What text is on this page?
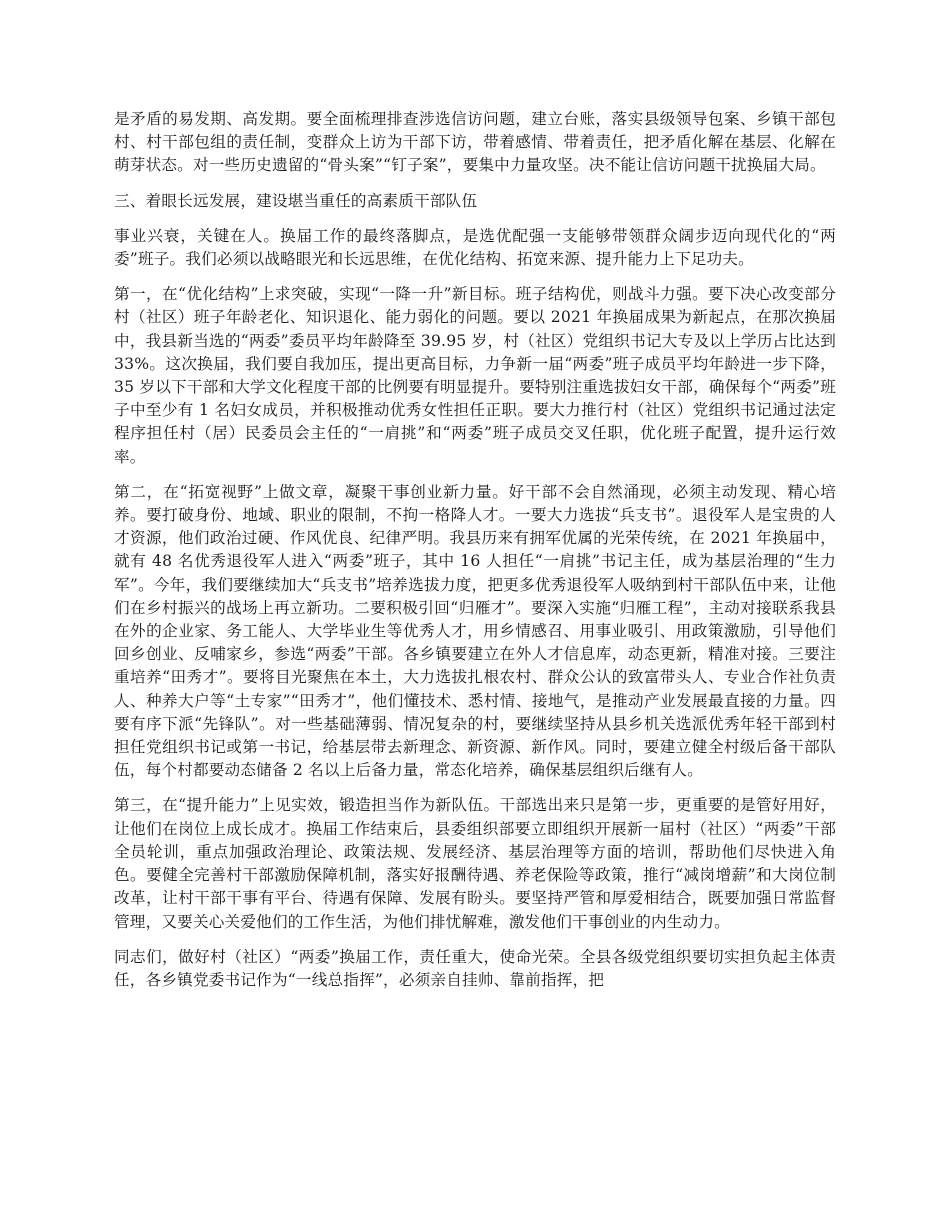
是矛盾的易发期、高发期。要全面梳理排查涉选信访问题，建立台账，落实县级领导包案、乡镇干部包村、村干部包组的责任制，变群众上访为干部下访，带着感情、带着责任，把矛盾化解在基层、化解在萌芽状态。对一些历史遗留的“骨头案”“钉子案”，要集中力量攻坚。决不能让信访问题干扰换届大局。

三、着眼长远发展，建设堪当重任的高素质干部队伍

事业兴衰，关键在人。换届工作的最终落脚点，是选优配强一支能够带领群众阔步迈向现代化的“两委”班子。我们必须以战略眼光和长远思维，在优化结构、拓宽来源、提升能力上下足功夫。

第一，在“优化结构”上求突破，实现“一降一升”新目标。班子结构优，则战斗力强。要下决心改变部分村（社区）班子年龄老化、知识退化、能力弱化的问题。要以 2021 年换届成果为新起点，在那次换届中，我县新当选的“两委”委员平均年龄降至 39.95 岁，村（社区）党组织书记大专及以上学历占比达到 33%。这次换届，我们要自我加压，提出更高目标，力争新一届“两委”班子成员平均年龄进一步下降，35 岁以下干部和大学文化程度干部的比例要有明显提升。要特别注重选拔妇女干部，确保每个“两委”班子中至少有 1 名妇女成员，并积极推动优秀女性担任正职。要大力推行村（社区）党组织书记通过法定程序担任村（居）民委员会主任的“一肩挑”和“两委”班子成员交叉任职，优化班子配置，提升运行效率。

第二，在“拓宽视野”上做文章，凝聚干事创业新力量。好干部不会自然涌现，必须主动发现、精心培养。要打破身份、地域、职业的限制，不拘一格降人才。一要大力选拔“兵支书”。退役军人是宝贵的人才资源，他们政治过硬、作风优良、纪律严明。我县历来有拥军优属的光荣传统，在 2021 年换届中，就有 48 名优秀退役军人进入“两委”班子，其中 16 人担任“一肩挑”书记主任，成为基层治理的“生力军”。今年，我们要继续加大“兵支书”培养选拔力度，把更多优秀退役军人吸纳到村干部队伍中来，让他们在乡村振兴的战场上再立新功。二要积极引回“归雁才”。要深入实施“归雁工程”，主动对接联系我县在外的企业家、务工能人、大学毕业生等优秀人才，用乡情感召、用事业吸引、用政策激励，引导他们回乡创业、反哺家乡，参选“两委”干部。各乡镇要建立在外人才信息库，动态更新，精准对接。三要注重培养“田秀才”。要将目光聚焦在本土，大力选拔扎根农村、群众公认的致富带头人、专业合作社负责人、种养大户等“土专家”“田秀才”，他们懂技术、悉村情、接地气，是推动产业发展最直接的力量。四要有序下派“先锋队”。对一些基础薄弱、情况复杂的村，要继续坚持从县乡机关选派优秀年轻干部到村担任党组织书记或第一书记，给基层带去新理念、新资源、新作风。同时，要建立健全村级后备干部队伍，每个村都要动态储备 2 名以上后备力量，常态化培养，确保基层组织后继有人。

第三，在“提升能力”上见实效，锻造担当作为新队伍。干部选出来只是第一步，更重要的是管好用好，让他们在岗位上成长成才。换届工作结束后，县委组织部要立即组织开展新一届村（社区）“两委”干部全员轮训，重点加强政治理论、政策法规、发展经济、基层治理等方面的培训，帮助他们尽快进入角色。要健全完善村干部激励保障机制，落实好报酬待遇、养老保险等政策，推行“减岗增薪”和大岗位制改革，让村干部干事有平台、待遇有保障、发展有盼头。要坚持严管和厚爱相结合，既要加强日常监督管理，又要关心关爱他们的工作生活，为他们排忧解难，激发他们干事创业的内生动力。

同志们，做好村（社区）“两委”换届工作，责任重大，使命光荣。全县各级党组织要切实担负起主体责任，各乡镇党委书记作为“一线总指挥”，必须亲自挂帅、靠前指挥，把
